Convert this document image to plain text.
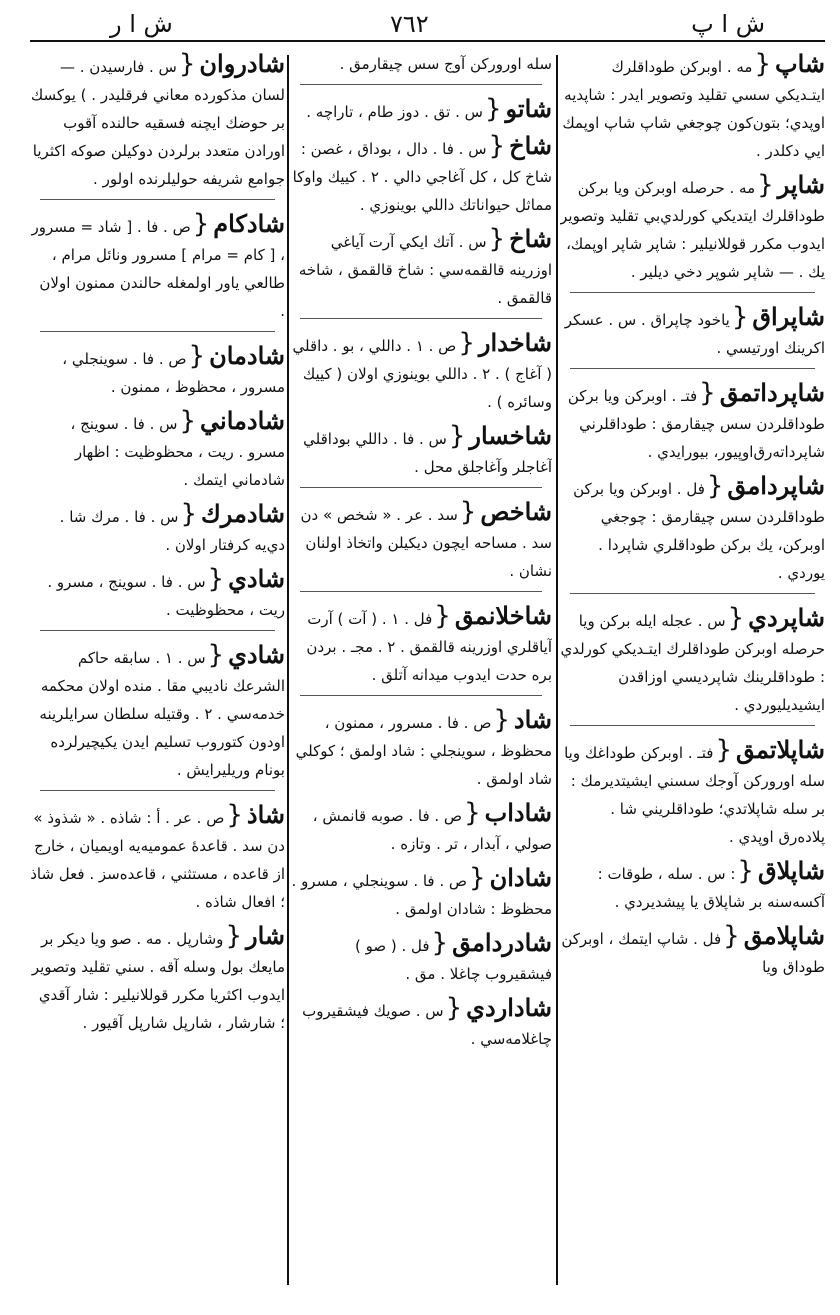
ش ا ر	٧٦٢	ش ا پ
شاپ{مه . اوبركن طوداقلرك ايتـديكي سسي تقليد وتصوير ايدر : شاپديه اوپدي؛ بتون‌كون چوجغي شاپ شاپ اوپمك ايي دكلدر .
شاپر{مه . حرصله اوبركن ويا بركن طوداقلرك ايتديكي كورلدي‌بي تقليد وتصوير ايدوب مكرر قوللانيلير : شاپر شاپر اوپمك، يك . — شاپر شوپر دخي ديلير .
شاپراق{ياخود چاپراق . س . عسكر اكرينك اورتيسي .
شاپرداتمق{فتـ . اوبركن ويا بركن طوداقلردن سس چيقارمق : طوداقلرني شاپرداته‌رق‌اوپيور، بيورايدي .
شاپردامق{فل . اوبركن ويا بركن طوداقلردن سس چيقارمق : چوجغي اوبركن، يك بركن طوداقلري شاپردا . يوردي .
شاپردي{س . عجله ايله بركن ويا حرصله اوبركن طوداقلرك ايتـديكي كورلدي : طوداقلرينك شاپرديسي اوزاقدن ايشيديليوردي .
شاپلاتمق{فتـ . اوبركن طوداغك ويا سله اوروركن آوجك سسني ايشيتديرمك : بر سله شاپلاتدي؛ طوداقلريني شا . پلاده‌رق اوپدي .
شاپلاق{: س . سله ، طوقات : آكسه‌سنه بر شاپلاق يا پيشديردي .
شاپلامق{فل . شاپ ايتمك ، اوبركن طوداق ويا
سله اوروركن آوج سس چيقارمق .
شاتو{س . تق . دوز طام ، تاراچه .
شاخ{س . فا . دال ، بوداق ، غصن : شاخ كل ، كل آغاجي دالي . ٢ . كييك واوكا مماثل حيواناتك داللي بوينوزي .
شاخ{س . آتك ايكي آرت آياغي اوزرينه قالقمه‌سي : شاخ قالقمق ، شاخه قالقمق .
شاخدار{ص . ١ . داللي ، بو . داقلي ( آغاج ) . ٢ . داللي بوينوزي اولان ( كييك وسائره ) .
شاخسار{س . فا . داللي بوداقلي آغاجلر وآغاجلق محل .
شاخص{سد . عر . « شخص » دن سد . مساحه ايچون ديكيلن واتخاذ اولنان نشان .
شاخلانمق{فل . ١ . ( آت ) آرت آياقلري اوزرينه قالقمق . ٢ . مجـ . بردن بره حدت ايدوب ميدانه آتلق .
شاد{ص . فا . مسرور ، ممنون ، محظوظ ، سوينجلي : شاد اولمق ؛ كوكلي شاد اولمق .
شاداب{ص . فا . صوبه قانمش ، صولي ، آبدار ، تر . وتازه .
شادان{ص . فا . سوينجلي ، مسرو . محظوظ : شادان اولمق .
شادردامق{فل . ( صو ) فيشقيروب چاغلا . مق .
شاداردي{س . صويك فيشقيروب چاغلامه‌سي .
شادروان{س . فارسيدن . — لسان مذكورده معاني فرقليدر . ) يوكسك بر حوضك ايچنه فسقيه حالنده آقوب اورادن متعدد برلردن دوكيلن صوكه اكثريا جوامع شريفه حوليلرنده اولور .
شادكام{ص . فا . [ شاد = مسرور ، [ كام = مرام ] مسرور ونائل مرام ، طالعي ياور اولمغله حالندن ممنون اولان .
شادمان{ص . فا . سوينجلي ، مسرور ، محظوظ ، ممنون .
شادماني{س . فا . سوينج ، مسرو . ريت ، محظوظيت : اظهار شادماني ايتمك .
شادمرك{س . فا . مرك شا . دي‌يه كرفتار اولان .
شادي{س . فا . سوينج ، مسرو . ريت ، محظوظيت .
شادي{س . ١ . سابقه حاكم الشرعك ناديبي مقا . منده اولان محكمه خدمه‌سي . ٢ . وقتيله سلطان سرايلرينه اودون كتوروب تسليم ايدن يكيچيرلرده بونام وريليرايش .
شاذ{ص . عر . أ : شاذه . « شذوذ » دن سد . قاعدهٔ عموميه‌يه اويميان ، خارج از قاعده ، مستثني ، قاعده‌سز . فعل شاذ ؛ افعال شاذه .
شار{وشارپل . مه . صو ويا ديكر بر مايعك بول وسله آقه . سني تقليد وتصوير ايدوب اكثريا مكرر قوللانيلير : شار آقدي ؛ شارشار ، شارپل شارپل آقيور .
